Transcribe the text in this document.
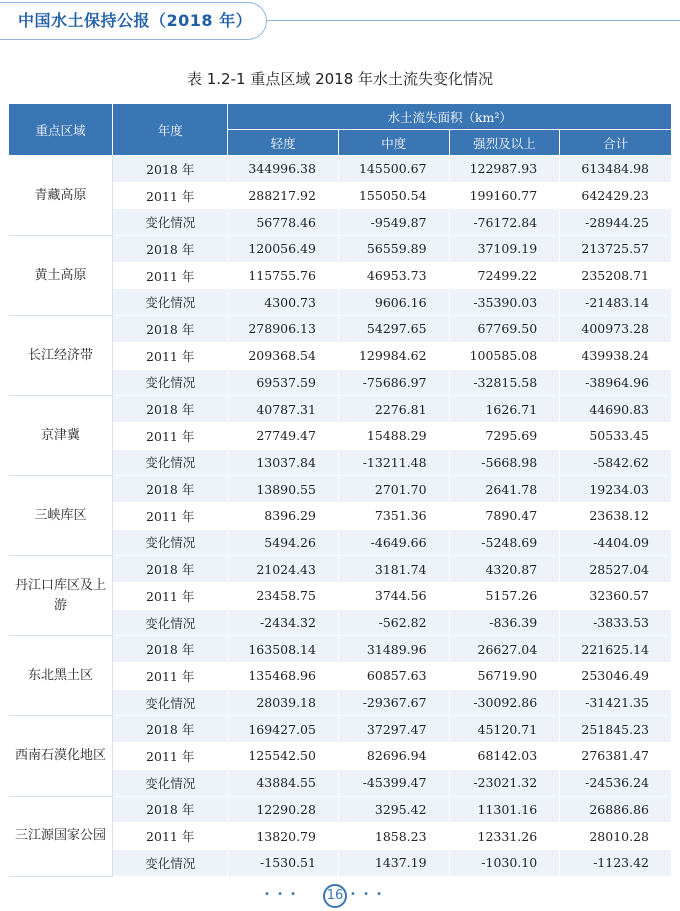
中国水土保持公报（2018 年）
表 1.2-1 重点区域 2018 年水土流失变化情况
重点区域	年度	水土流失面积（km²）			
		轻度	中度	强烈及以上	合计
青藏高原	2018 年	344996.38	145500.67	122987.93	613484.98
	2011 年	288217.92	155050.54	199160.77	642429.23
	变化情况	56778.46	-9549.87	-76172.84	-28944.25
黄土高原	2018 年	120056.49	56559.89	37109.19	213725.57
	2011 年	115755.76	46953.73	72499.22	235208.71
	变化情况	4300.73	9606.16	-35390.03	-21483.14
长江经济带	2018 年	278906.13	54297.65	67769.50	400973.28
	2011 年	209368.54	129984.62	100585.08	439938.24
	变化情况	69537.59	-75686.97	-32815.58	-38964.96
京津冀	2018 年	40787.31	2276.81	1626.71	44690.83
	2011 年	27749.47	15488.29	7295.69	50533.45
	变化情况	13037.84	-13211.48	-5668.98	-5842.62
三峡库区	2018 年	13890.55	2701.70	2641.78	19234.03
	2011 年	8396.29	7351.36	7890.47	23638.12
	变化情况	5494.26	-4649.66	-5248.69	-4404.09
丹江口库区及上游	2018 年	21024.43	3181.74	4320.87	28527.04
	2011 年	23458.75	3744.56	5157.26	32360.57
	变化情况	-2434.32	-562.82	-836.39	-3833.53
东北黑土区	2018 年	163508.14	31489.96	26627.04	221625.14
	2011 年	135468.96	60857.63	56719.90	253046.49
	变化情况	28039.18	-29367.67	-30092.86	-31421.35
西南石漠化地区	2018 年	169427.05	37297.47	45120.71	251845.23
	2011 年	125542.50	82696.94	68142.03	276381.47
	变化情况	43884.55	-45399.47	-23021.32	-24536.24
三江源国家公园	2018 年	12290.28	3295.42	11301.16	26886.86
	2011 年	13820.79	1858.23	12331.26	28010.28
	变化情况	-1530.51	1437.19	-1030.10	-1123.42
• • • 16 • • •
